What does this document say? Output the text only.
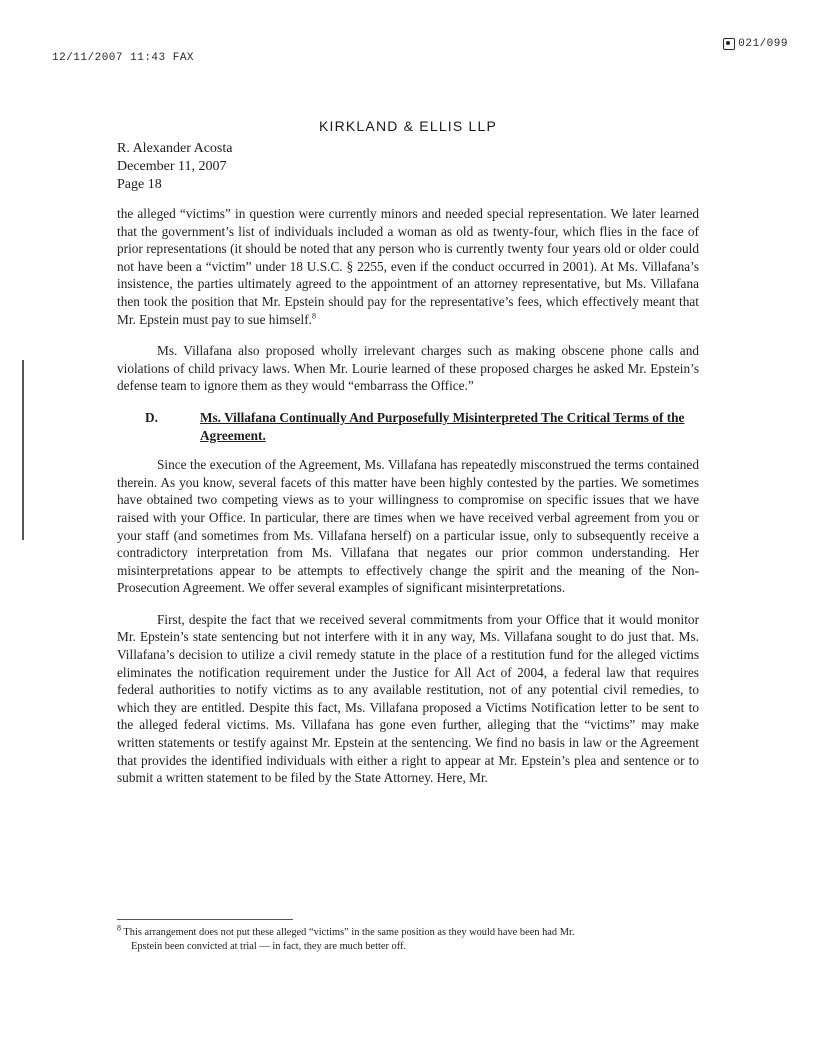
12/11/2007 11:43 FAX
021/099
KIRKLAND & ELLIS LLP
R. Alexander Acosta
December 11, 2007
Page 18

the alleged “victims” in question were currently minors and needed special representation. We later learned that the government’s list of individuals included a woman as old as twenty-four, which flies in the face of prior representations (it should be noted that any person who is currently twenty four years old or older could not have been a “victim” under 18 U.S.C. § 2255, even if the conduct occurred in 2001). At Ms. Villafana’s insistence, the parties ultimately agreed to the appointment of an attorney representative, but Ms. Villafana then took the position that Mr. Epstein should pay for the representative’s fees, which effectively meant that Mr. Epstein must pay to sue himself.$^8$

Ms. Villafana also proposed wholly irrelevant charges such as making obscene phone calls and violations of child privacy laws. When Mr. Lourie learned of these proposed charges he asked Mr. Epstein’s defense team to ignore them as they would “embarrass the Office.”

D.	Ms. Villafana Continually And Purposefully Misinterpreted The Critical Terms of the Agreement.

Since the execution of the Agreement, Ms. Villafana has repeatedly misconstrued the terms contained therein. As you know, several facets of this matter have been highly contested by the parties. We sometimes have obtained two competing views as to your willingness to compromise on specific issues that we have raised with your Office. In particular, there are times when we have received verbal agreement from you or your staff (and sometimes from Ms. Villafana herself) on a particular issue, only to subsequently receive a contradictory interpretation from Ms. Villafana that negates our prior common understanding. Her misinterpretations appear to be attempts to effectively change the spirit and the meaning of the Non-Prosecution Agreement. We offer several examples of significant misinterpretations.

First, despite the fact that we received several commitments from your Office that it would monitor Mr. Epstein’s state sentencing but not interfere with it in any way, Ms. Villafana sought to do just that. Ms. Villafana’s decision to utilize a civil remedy statute in the place of a restitution fund for the alleged victims eliminates the notification requirement under the Justice for All Act of 2004, a federal law that requires federal authorities to notify victims as to any available restitution, not of any potential civil remedies, to which they are entitled. Despite this fact, Ms. Villafana proposed a Victims Notification letter to be sent to the alleged federal victims. Ms. Villafana has gone even further, alleging that the “victims” may make written statements or testify against Mr. Epstein at the sentencing. We find no basis in law or the Agreement that provides the identified individuals with either a right to appear at Mr. Epstein’s plea and sentence or to submit a written statement to be filed by the State Attorney. Here, Mr.

$^8$ This arrangement does not put these alleged “victims” in the same position as they would have been had Mr.
Epstein been convicted at trial — in fact, they are much better off.
